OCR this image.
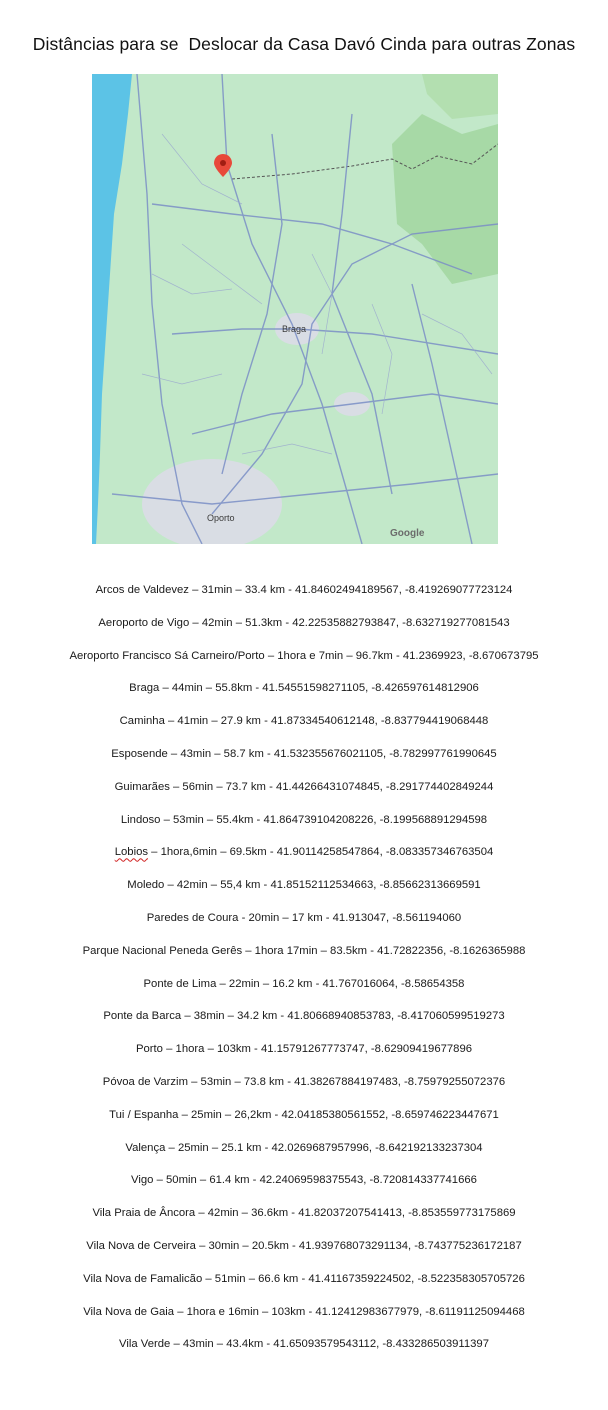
Distâncias para se  Deslocar da Casa Davó Cinda para outras Zonas
Braga
Oporto
Google
Arcos de Valdevez – 31min – 33.4 km - 41.84602494189567, -8.419269077723124
Aeroporto de Vigo – 42min – 51.3km - 42.22535882793847, -8.632719277081543
Aeroporto Francisco Sá Carneiro/Porto – 1hora e 7min – 96.7km - 41.2369923, -8.670673795
Braga – 44min – 55.8km - 41.54551598271105, -8.426597614812906
Caminha – 41min – 27.9 km - 41.87334540612148, -8.837794419068448
Esposende – 43min – 58.7 km - 41.532355676021105, -8.782997761990645
Guimarães – 56min – 73.7 km - 41.44266431074845, -8.291774402849244
Lindoso – 53min – 55.4km - 41.864739104208226, -8.199568891294598
Lobios – 1hora,6min – 69.5km - 41.90114258547864, -8.083357346763504
Moledo – 42min – 55,4 km - 41.85152112534663, -8.85662313669591
Paredes de Coura - 20min – 17 km - 41.913047, -8.561194060
Parque Nacional Peneda Gerês – 1hora 17min – 83.5km - 41.72822356, -8.1626365988
Ponte de Lima – 22min – 16.2 km - 41.767016064, -8.58654358
Ponte da Barca – 38min – 34.2 km - 41.80668940853783, -8.417060599519273
Porto – 1hora – 103km - 41.15791267773747, -8.62909419677896
Póvoa de Varzim – 53min – 73.8 km - 41.38267884197483, -8.75979255072376
Tui / Espanha – 25min – 26,2km - 42.04185380561552, -8.659746223447671
Valença – 25min – 25.1 km - 42.0269687957996, -8.642192133237304
Vigo – 50min – 61.4 km - 42.24069598375543, -8.720814337741666
Vila Praia de Âncora – 42min – 36.6km - 41.82037207541413, -8.853559773175869
Vila Nova de Cerveira – 30min – 20.5km - 41.939768073291134, -8.743775236172187
Vila Nova de Famalicão – 51min – 66.6 km - 41.41167359224502, -8.522358305705726
Vila Nova de Gaia – 1hora e 16min – 103km - 41.12412983677979, -8.61191125094468
Vila Verde – 43min – 43.4km - 41.65093579543112, -8.433286503911397
